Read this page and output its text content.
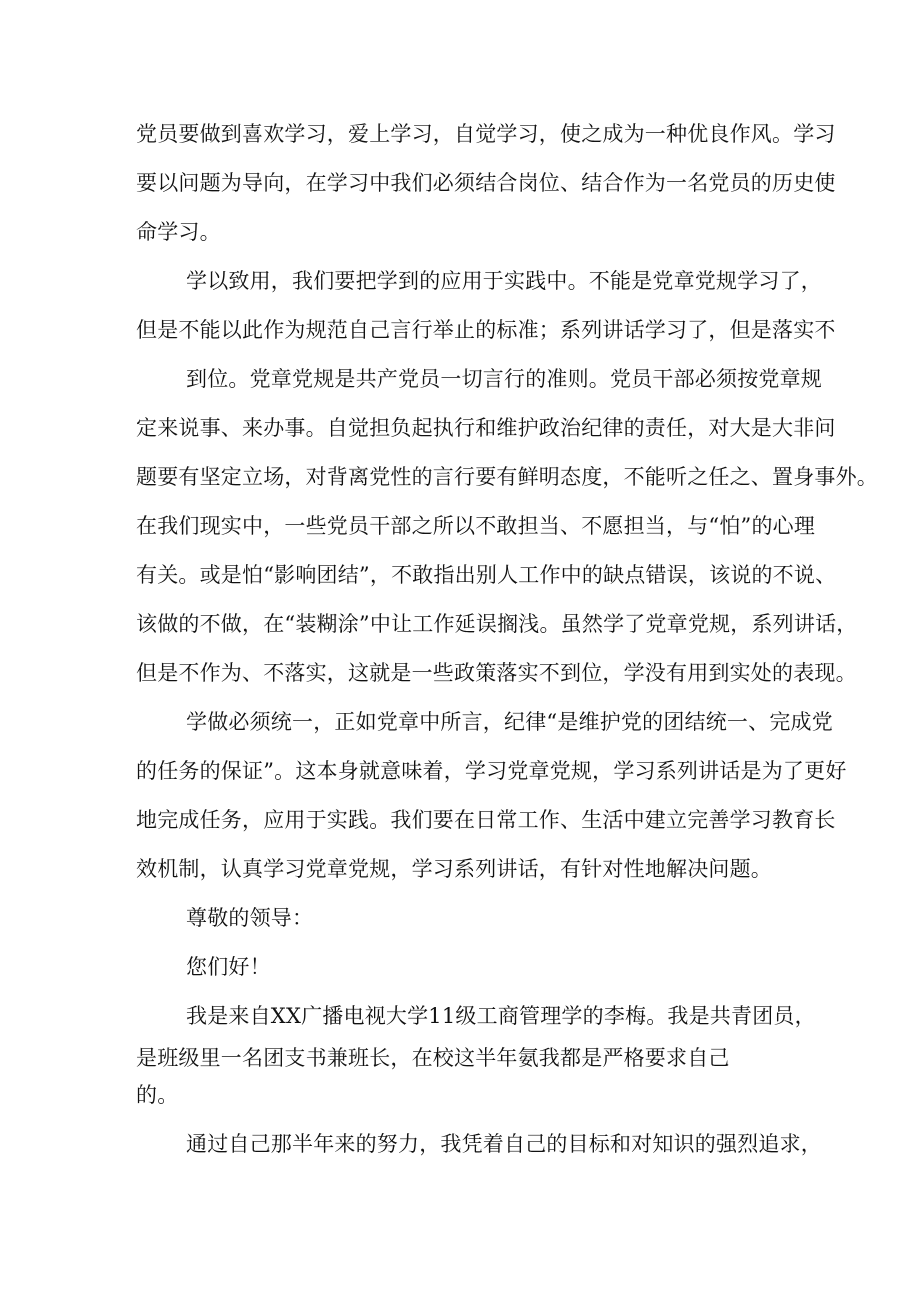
党员要做到喜欢学习，爱上学习，自觉学习，使之成为一种优良作风。学习
要以问题为导向，在学习中我们必须结合岗位、结合作为一名党员的历史使
命学习。
学以致用，我们要把学到的应用于实践中。不能是党章党规学习了，
但是不能以此作为规范自己言行举止的标准；系列讲话学习了，但是落实不
到位。党章党规是共产党员一切言行的准则。党员干部必须按党章规
定来说事、来办事。自觉担负起执行和维护政治纪律的责任，对大是大非问
题要有坚定立场，对背离党性的言行要有鲜明态度，不能听之任之、置身事外。
在我们现实中，一些党员干部之所以不敢担当、不愿担当，与“怕”的心理
有关。或是怕“影响团结”，不敢指出别人工作中的缺点错误，该说的不说、
该做的不做，在“装糊涂”中让工作延误搁浅。虽然学了党章党规，系列讲话，
但是不作为、不落实，这就是一些政策落实不到位，学没有用到实处的表现。
学做必须统一，正如党章中所言，纪律“是维护党的团结统一、完成党
的任务的保证”。这本身就意味着，学习党章党规，学习系列讲话是为了更好
地完成任务，应用于实践。我们要在日常工作、生活中建立完善学习教育长
效机制，认真学习党章党规，学习系列讲话，有针对性地解决问题。
尊敬的领导：
您们好！
我是来自XX广播电视大学11级工商管理学的李梅。我是共青团员，
是班级里一名团支书兼班长，在校这半年氨我都是严格要求自己
的。
通过自己那半年来的努力，我凭着自己的目标和对知识的强烈追求，
